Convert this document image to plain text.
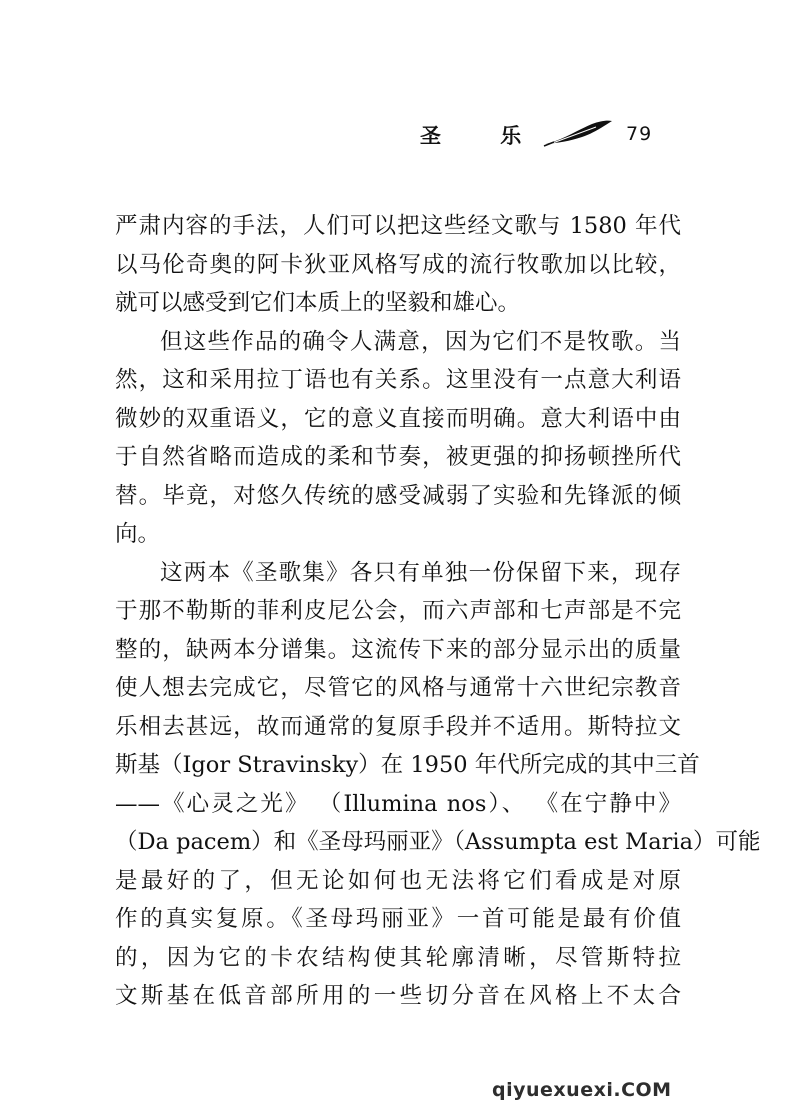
圣 乐	79
严肃内容的手法，人们可以把这些经文歌与 1580 年代
以马伦奇奥的阿卡狄亚风格写成的流行牧歌加以比较，
就可以感受到它们本质上的坚毅和雄心。
但这些作品的确令人满意，因为它们不是牧歌。当
然，这和采用拉丁语也有关系。这里没有一点意大利语
微妙的双重语义，它的意义直接而明确。意大利语中由
于自然省略而造成的柔和节奏，被更强的抑扬顿挫所代
替。毕竟，对悠久传统的感受减弱了实验和先锋派的倾
向。
这两本《圣歌集》各只有单独一份保留下来，现存
于那不勒斯的菲利皮尼公会，而六声部和七声部是不完
整的，缺两本分谱集。这流传下来的部分显示出的质量
使人想去完成它，尽管它的风格与通常十六世纪宗教音
乐相去甚远，故而通常的复原手段并不适用。斯特拉文
斯基（Igor Stravinsky）在 1950 年代所完成的其中三首
——《心灵之光》 （Illumina nos）、 《在宁静中》
（Da pacem）和《圣母玛丽亚》（Assumpta est Maria）可能
是最好的了，但无论如何也无法将它们看成是对原
作的真实复原。《圣母玛丽亚》一首可能是最有价值
的，因为它的卡农结构使其轮廓清晰，尽管斯特拉
文斯基在低音部所用的一些切分音在风格上不太合
qiyuexuexi.COM
